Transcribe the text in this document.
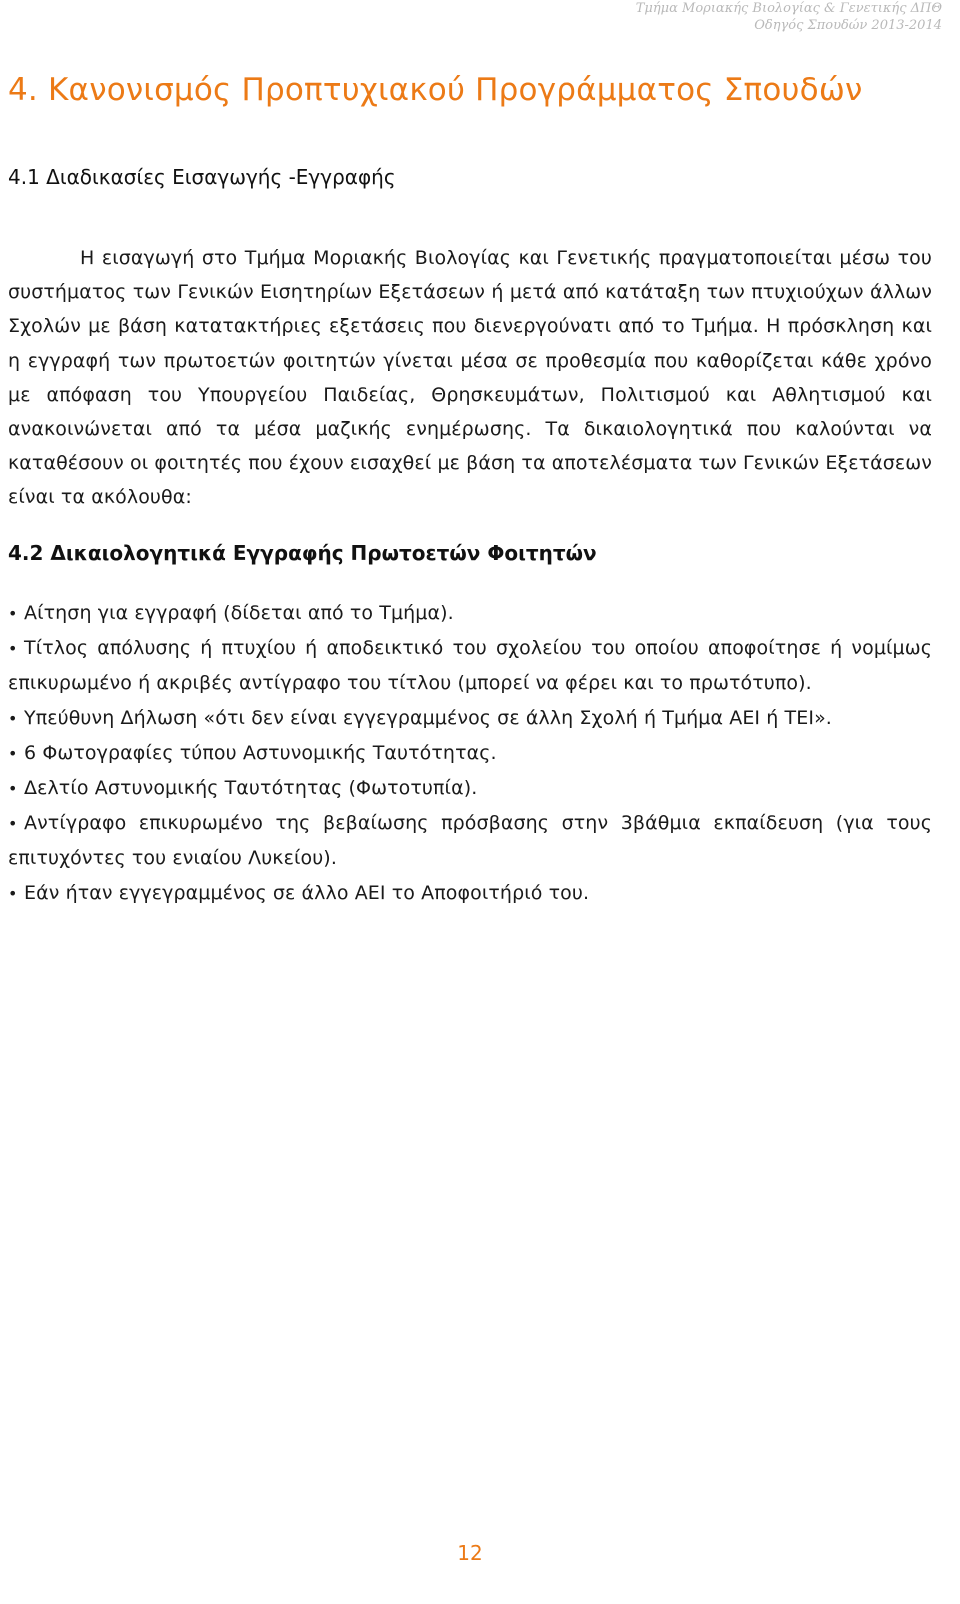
Τμήμα Μοριακής Βιολογίας & Γενετικής ΔΠΘ
Οδηγός Σπουδών 2013-2014
4. Κανονισμός Προπτυχιακού Προγράμματος Σπουδών
4.1 Διαδικασίες Εισαγωγής -Εγγραφής

Η εισαγωγή στο Τμήμα Μοριακής Βιολογίας και Γενετικής πραγματοποιείται μέσω του συστήματος των Γενικών Εισητηρίων Εξετάσεων ή μετά από κατάταξη των πτυχιούχων άλλων Σχολών με βάση κατατακτήριες εξετάσεις που διενεργούνατι από το Τμήμα. Η πρόσκληση και η εγγραφή των πρωτοετών φοιτητών γίνεται μέσα σε προθεσμία που καθορίζεται κάθε χρόνο με απόφαση του Υπουργείου Παιδείας, Θρησκευμάτων, Πολιτισμού και Αθλητισμού και ανακοινώνεται από τα μέσα μαζικής ενημέρωσης. Τα δικαιολογητικά που καλούνται να καταθέσουν οι φοιτητές που έχουν εισαχθεί με βάση τα αποτελέσματα των Γενικών Εξετάσεων είναι τα ακόλουθα:

4.2 Δικαιολογητικά Εγγραφής Πρωτοετών Φοιτητών
• Αίτηση για εγγραφή (δίδεται από το Τμήμα).
• Τίτλος απόλυσης ή πτυχίου ή αποδεικτικό του σχολείου του οποίου αποφοίτησε ή νομίμως επικυρωμένο ή ακριβές αντίγραφο του τίτλου (μπορεί να φέρει και το πρωτότυπο).
• Υπεύθυνη Δήλωση «ότι δεν είναι εγγεγραμμένος σε άλλη Σχολή ή Τμήμα ΑΕΙ ή ΤΕΙ».
• 6 Φωτογραφίες τύπου Αστυνομικής Ταυτότητας.
• Δελτίο Αστυνομικής Ταυτότητας (Φωτοτυπία).
• Αντίγραφο επικυρωμένο της βεβαίωσης πρόσβασης στην 3βάθμια εκπαίδευση (για τους επιτυχόντες του ενιαίου Λυκείου).
• Εάν ήταν εγγεγραμμένος σε άλλο ΑΕΙ το Αποφοιτήριό του.
12
